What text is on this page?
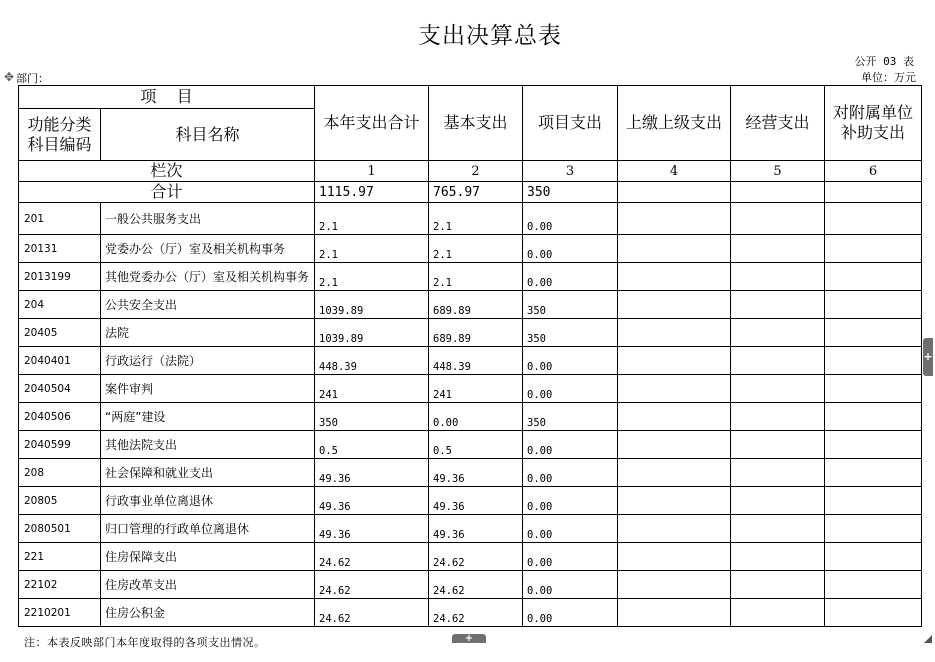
支出决算总表
公开 03 表
单位：万元
✥ 部门：
项    目		本年支出合计	基本支出	项目支出	上缴上级支出	经营支出	对附属单位补助支出
功能分类科目编码	科目名称						
栏次		1	2	3	4	5	6
合计		1115.97	765.97	350			
201	一般公共服务支出	2.1	2.1	0.00			
20131	党委办公（厅）室及相关机构事务	2.1	2.1	0.00			
2013199	其他党委办公（厅）室及相关机构事务	2.1	2.1	0.00			
204	公共安全支出	1039.89	689.89	350			
20405	法院	1039.89	689.89	350			
2040401	行政运行（法院）	448.39	448.39	0.00			
2040504	案件审判	241	241	0.00			
2040506	“两庭”建设	350	0.00	350			
2040599	其他法院支出	0.5	0.5	0.00			
208	社会保障和就业支出	49.36	49.36	0.00			
20805	行政事业单位离退休	49.36	49.36	0.00			
2080501	归口管理的行政单位离退休	49.36	49.36	0.00			
221	住房保障支出	24.62	24.62	0.00			
22102	住房改革支出	24.62	24.62	0.00			
2210201	住房公积金	24.62	24.62	0.00			
注：本表反映部门本年度取得的各项支出情况。	+
+
